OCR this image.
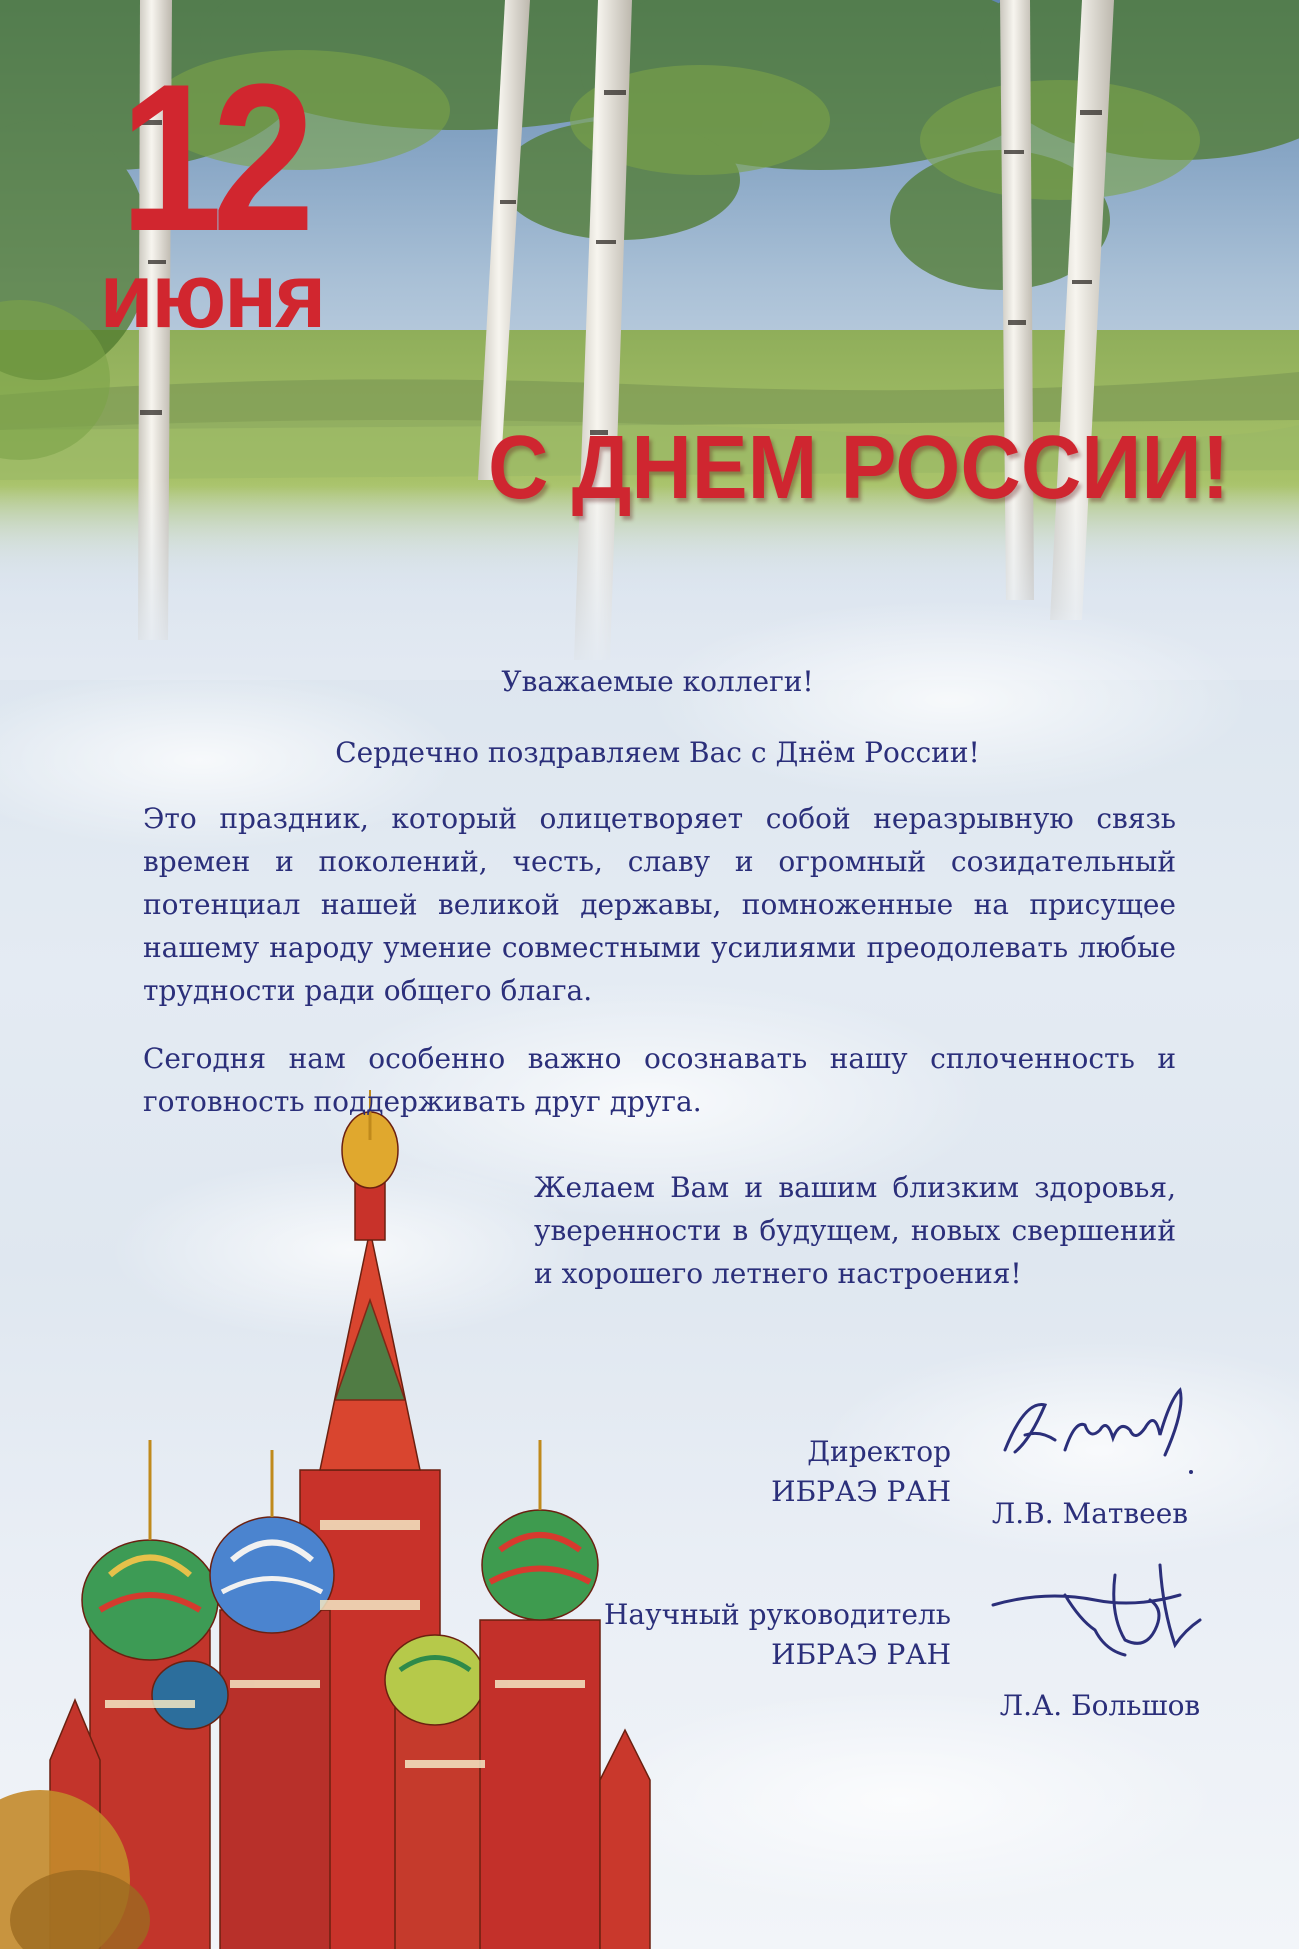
12
июня
С ДНЕМ РОССИИ!
Уважаемые коллеги!
Сердечно поздравляем Вас с Днём России!
Это праздник, который олицетворяет собой неразрывную связь времен и поколений, честь, славу и огромный созидательный потенциал нашей великой державы, помноженные на присущее нашему народу умение совместными усилиями преодолевать любые трудности ради общего блага.
Сегодня нам особенно важно осознавать нашу сплоченность и готовность поддерживать друг друга.
Желаем Вам и вашим близким здоровья, уверенности в будущем, новых свершений и хорошего летнего настроения!
Директор
ИБРАЭ РАН
Л.В. Матвеев
Научный руководитель
ИБРАЭ РАН
Л.А. Большов
